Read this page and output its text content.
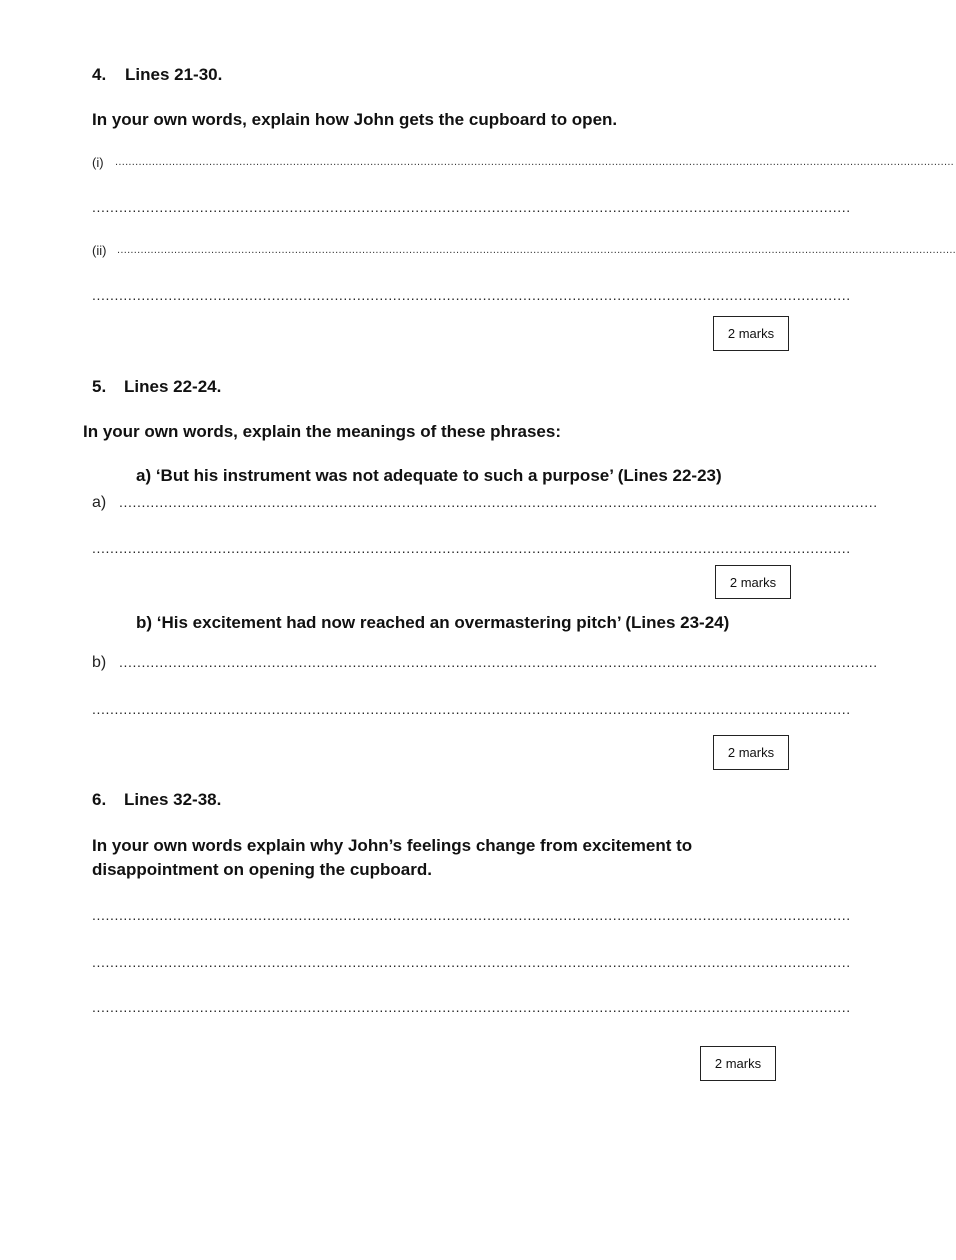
4. Lines 21-30.
In your own words, explain how John gets the cupboard to open.
(i) ..........................................................................................................................................................................................................................................................
.........................................................................................................................................................................
(ii) ..........................................................................................................................................................................................................................................................
.........................................................................................................................................................................
2 marks
5. Lines 22-24.
In your own words, explain the meanings of these phrases:
a) ‘But his instrument was not adequate to such a purpose’ (Lines 22-23)
a) .........................................................................................................................................................................
.........................................................................................................................................................................
2 marks
b) ‘His excitement had now reached an overmastering pitch’ (Lines 23-24)
b) .........................................................................................................................................................................
.........................................................................................................................................................................
2 marks
6. Lines 32-38.
In your own words explain why John’s feelings change from excitement to
disappointment on opening the cupboard.
.........................................................................................................................................................................
.........................................................................................................................................................................
.........................................................................................................................................................................
2 marks
